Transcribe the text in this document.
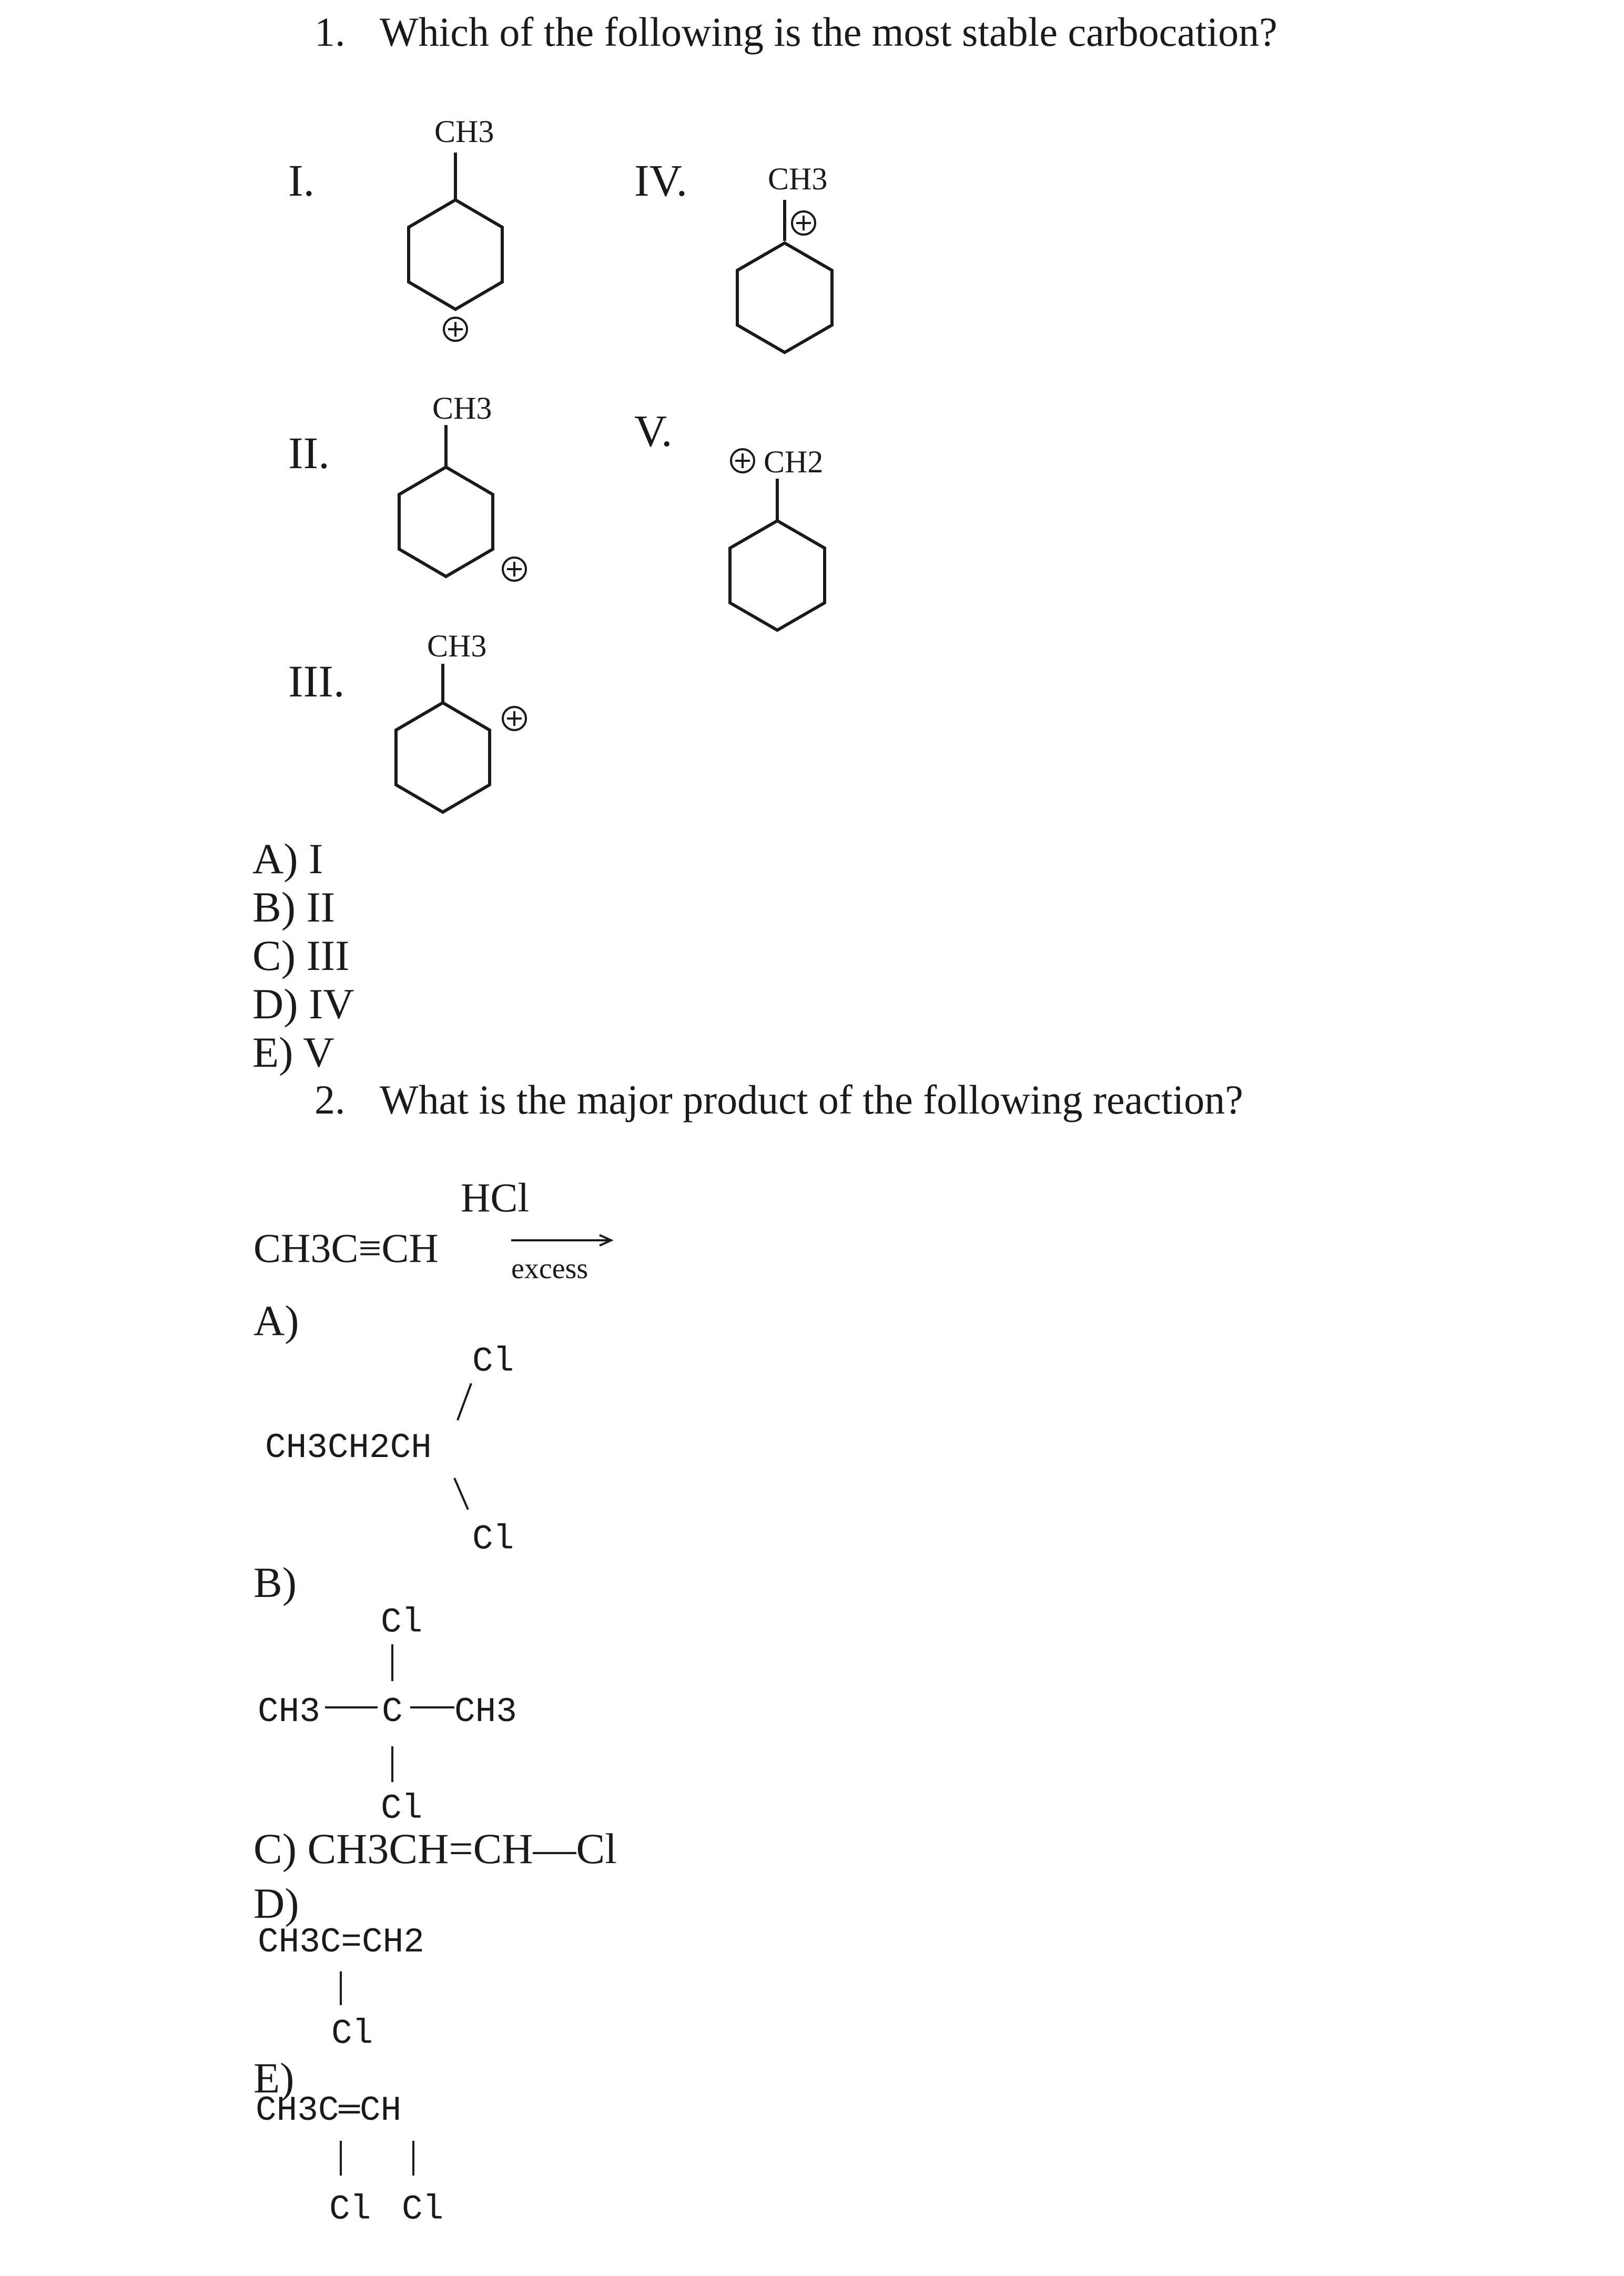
1. Which of the following is the most stable carbocation?
I.
CH3
II.
CH3
III.
CH3
IV.	CH3
V.
CH2
A) I
B) II
C) III
D) IV
E) V
2. What is the major product of the following reaction?
HCl
CH3C≡CH excess
A)
Cl
CH3CH2CH
Cl
B)
Cl
CH3 C CH3
Cl
C) CH3CH=CH—Cl
D)
CH3C=CH2
Cl
E)
CH3C═CH
Cl Cl
